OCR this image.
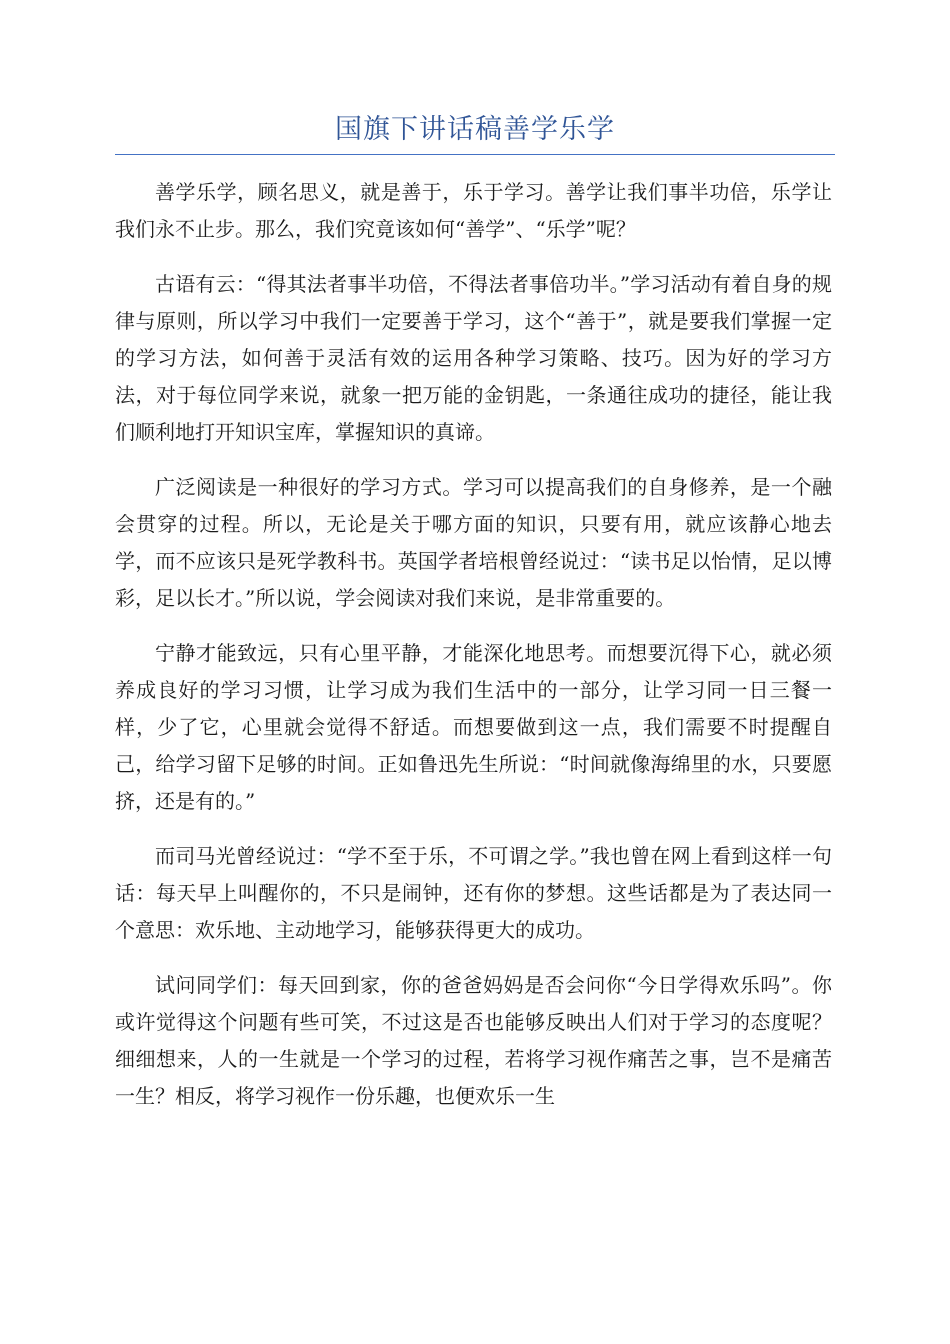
国旗下讲话稿善学乐学

善学乐学，顾名思义，就是善于，乐于学习。善学让我们事半功倍，乐学让我们永不止步。那么，我们究竟该如何“善学”、“乐学”呢？

古语有云：“得其法者事半功倍，不得法者事倍功半。”学习活动有着自身的规律与原则，所以学习中我们一定要善于学习，这个“善于”，就是要我们掌握一定的学习方法，如何善于灵活有效的运用各种学习策略、技巧。因为好的学习方法，对于每位同学来说，就象一把万能的金钥匙，一条通往成功的捷径，能让我们顺利地打开知识宝库，掌握知识的真谛。

广泛阅读是一种很好的学习方式。学习可以提高我们的自身修养，是一个融会贯穿的过程。所以，无论是关于哪方面的知识，只要有用，就应该静心地去学，而不应该只是死学教科书。英国学者培根曾经说过：“读书足以怡情，足以博彩，足以长才。”所以说，学会阅读对我们来说，是非常重要的。

宁静才能致远，只有心里平静，才能深化地思考。而想要沉得下心，就必须养成良好的学习习惯，让学习成为我们生活中的一部分，让学习同一日三餐一样，少了它，心里就会觉得不舒适。而想要做到这一点，我们需要不时提醒自己，给学习留下足够的时间。正如鲁迅先生所说：“时间就像海绵里的水，只要愿挤，还是有的。”

而司马光曾经说过：“学不至于乐，不可谓之学。”我也曾在网上看到这样一句话：每天早上叫醒你的，不只是闹钟，还有你的梦想。这些话都是为了表达同一个意思：欢乐地、主动地学习，能够获得更大的成功。

试问同学们：每天回到家，你的爸爸妈妈是否会问你“今日学得欢乐吗”。你或许觉得这个问题有些可笑，不过这是否也能够反映出人们对于学习的态度呢？细细想来，人的一生就是一个学习的过程，若将学习视作痛苦之事，岂不是痛苦一生？相反，将学习视作一份乐趣，也便欢乐一生
